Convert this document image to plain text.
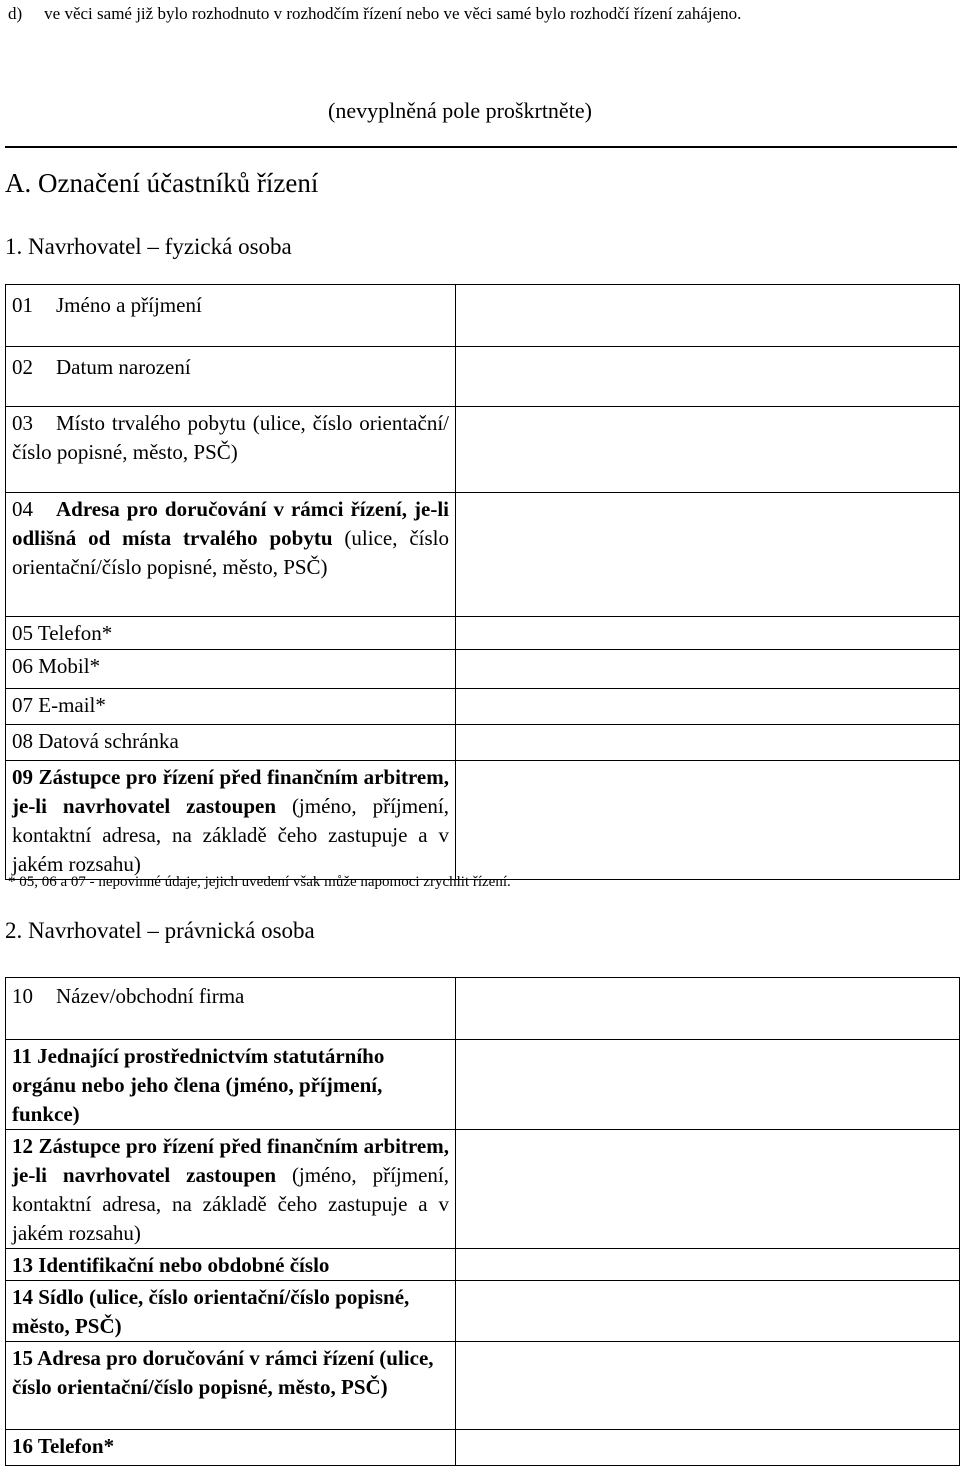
d) ve věci samé již bylo rozhodnuto v rozhodčím řízení nebo ve věci samé bylo rozhodčí řízení zahájeno.
(nevyplněná pole proškrtněte)
A. Označení účastníků řízení
1. Navrhovatel – fyzická osoba
01 Jméno a příjmení	
02 Datum narození	
03 Místo trvalého pobytu (ulice, číslo orientační/číslo popisné, město, PSČ)	
04 Adresa pro doručování v rámci řízení, je-li odlišná od místa trvalého pobytu (ulice, číslo orientační/číslo popisné, město, PSČ)	
05 Telefon*	
06 Mobil*	
07 E-mail*	
08 Datová schránka	
09 Zástupce pro řízení před finančním arbitrem, je-li navrhovatel zastoupen (jméno, příjmení, kontaktní adresa, na základě čeho zastupuje a v jakém rozsahu)	
* 05, 06 a 07 - nepovinné údaje, jejich uvedení však může napomoci zrychlit řízení.
2. Navrhovatel – právnická osoba
10 Název/obchodní firma	
11 Jednající prostřednictvím statutárního orgánu nebo jeho člena (jméno, příjmení, funkce)	
12 Zástupce pro řízení před finančním arbitrem, je-li navrhovatel zastoupen (jméno, příjmení, kontaktní adresa, na základě čeho zastupuje a v jakém rozsahu)	
13 Identifikační nebo obdobné číslo	
14 Sídlo (ulice, číslo orientační/číslo popisné, město, PSČ)	
15 Adresa pro doručování v rámci řízení (ulice, číslo orientační/číslo popisné, město, PSČ)	
16 Telefon*	
